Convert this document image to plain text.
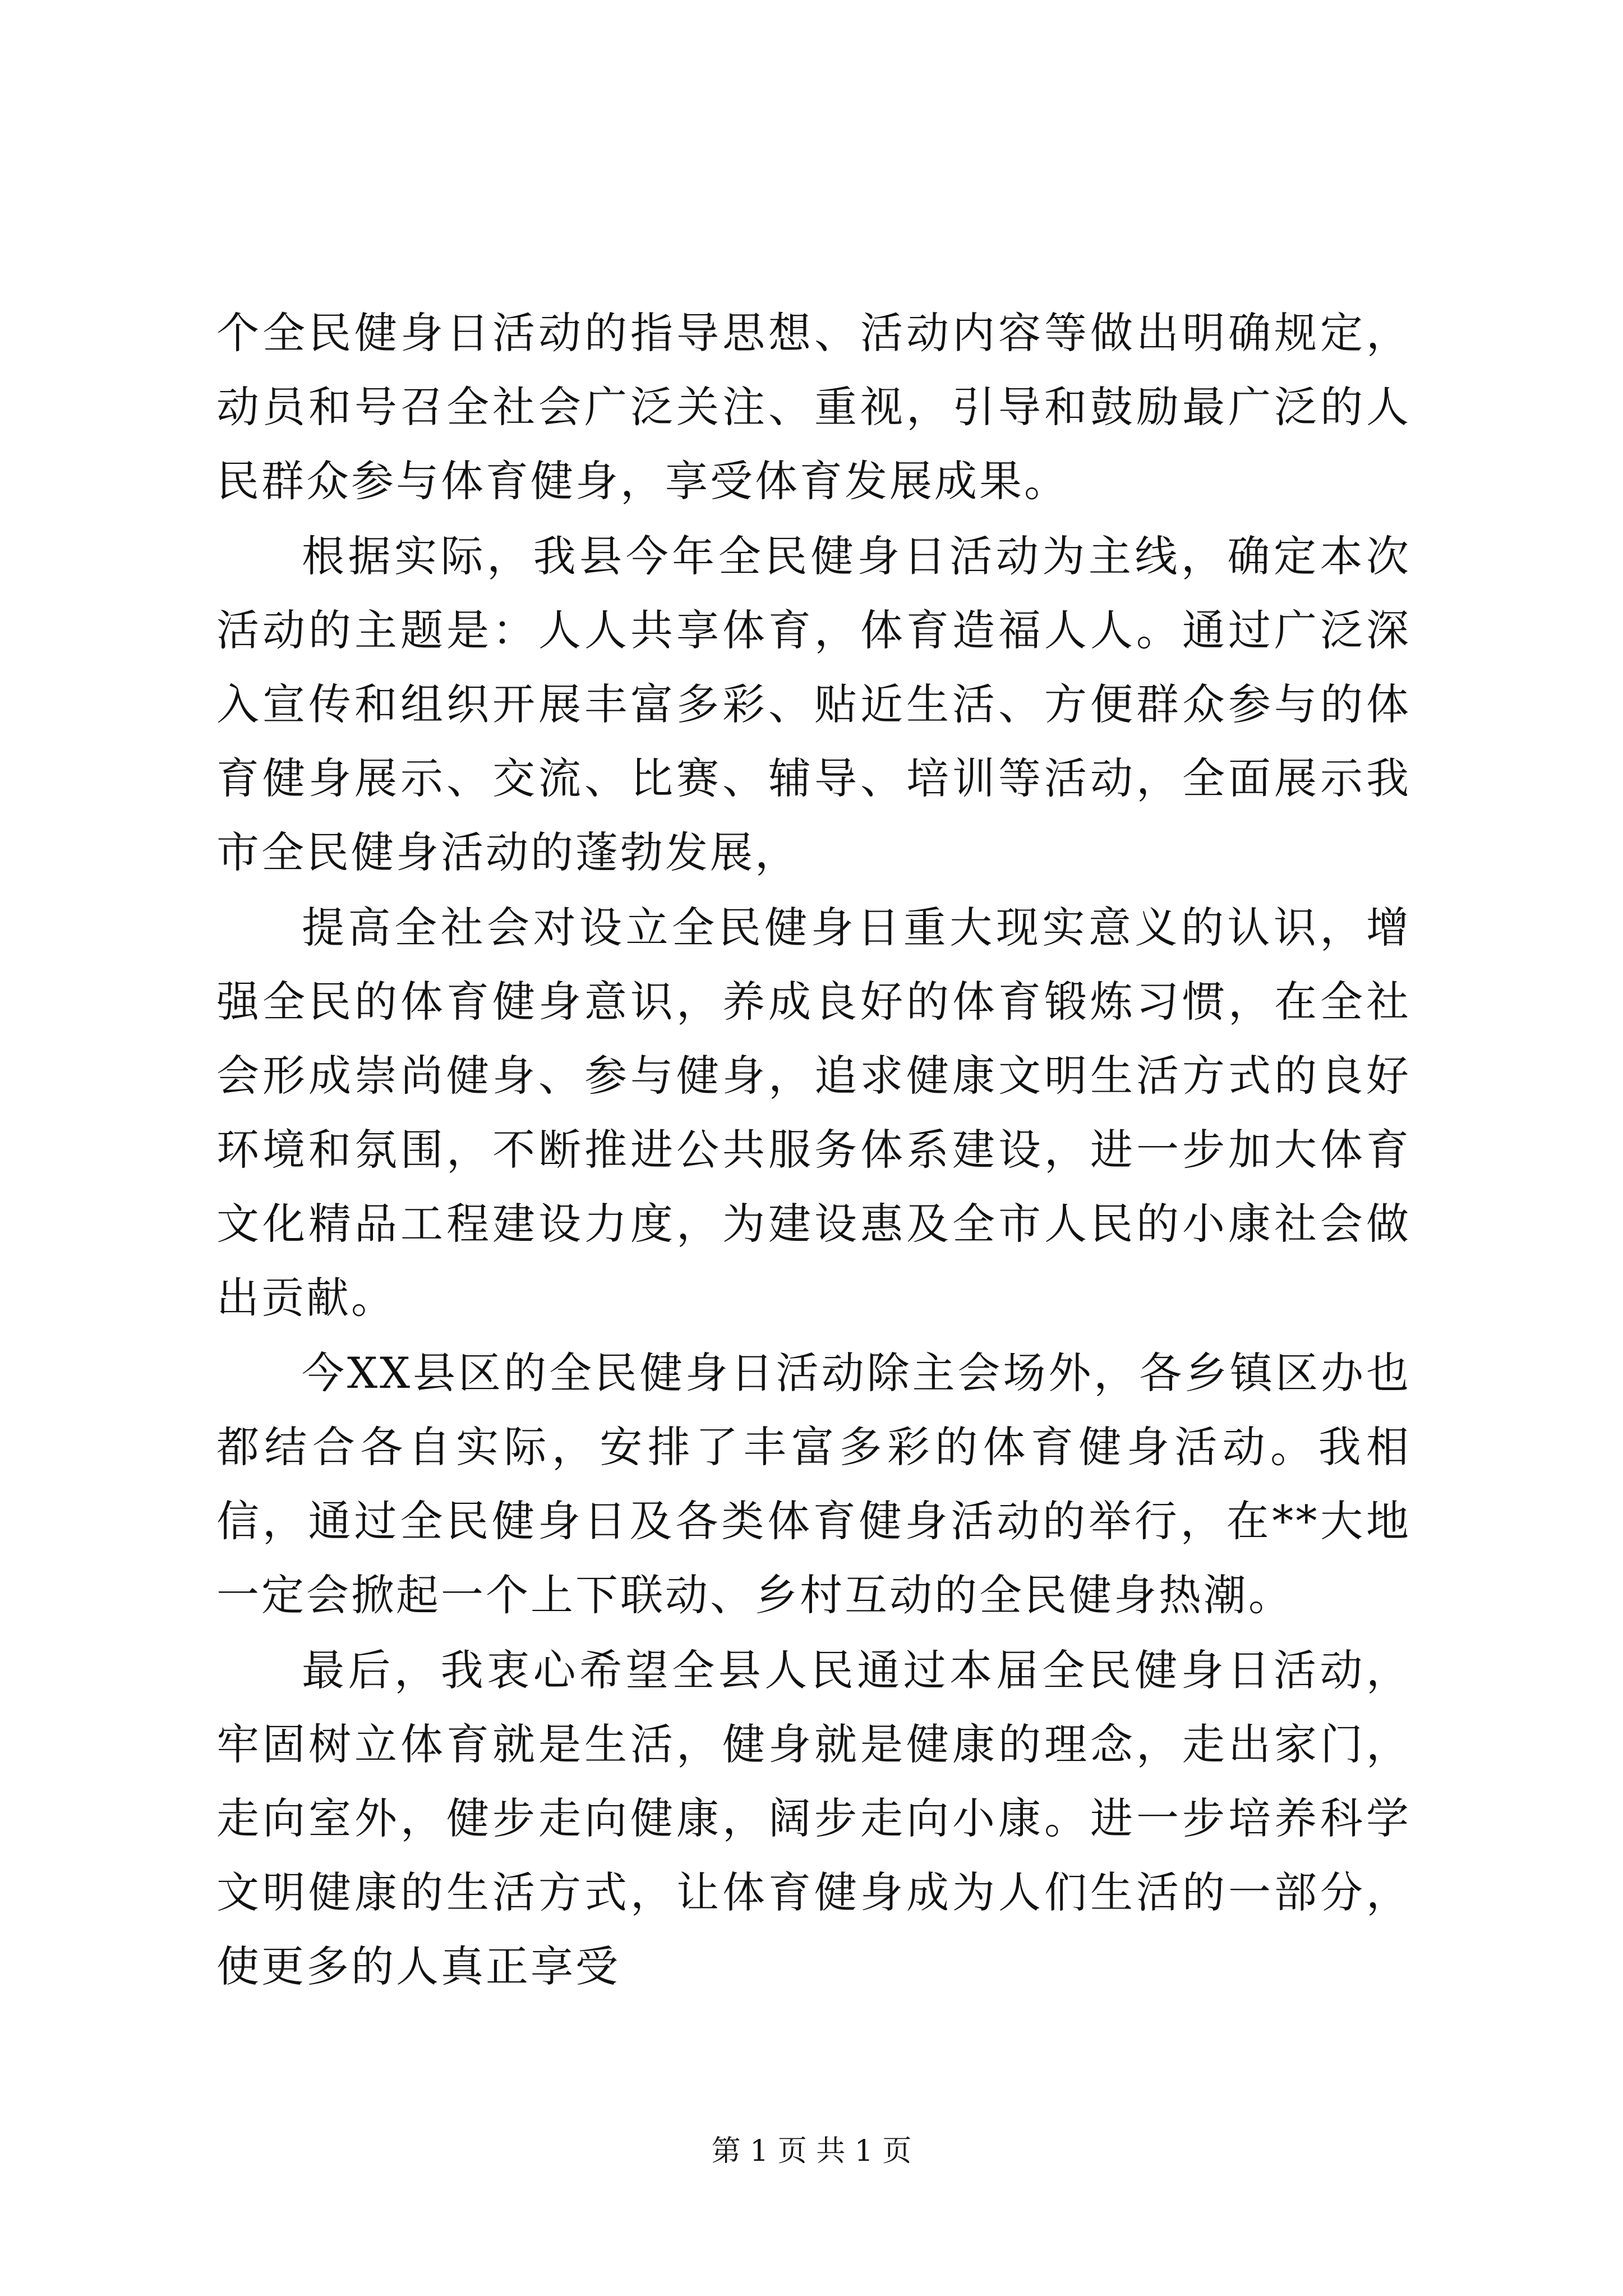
个全民健身日活动的指导思想、活动内容等做出明确规定，动员和号召全社会广泛关注、重视，引导和鼓励最广泛的人民群众参与体育健身，享受体育发展成果。

根据实际，我县今年全民健身日活动为主线，确定本次活动的主题是：人人共享体育，体育造福人人。通过广泛深入宣传和组织开展丰富多彩、贴近生活、方便群众参与的体育健身展示、交流、比赛、辅导、培训等活动，全面展示我市全民健身活动的蓬勃发展，

提高全社会对设立全民健身日重大现实意义的认识，增强全民的体育健身意识，养成良好的体育锻炼习惯，在全社会形成崇尚健身、参与健身，追求健康文明生活方式的良好环境和氛围，不断推进公共服务体系建设，进一步加大体育文化精品工程建设力度，为建设惠及全市人民的小康社会做出贡献。

今XX县区的全民健身日活动除主会场外，各乡镇区办也都结合各自实际，安排了丰富多彩的体育健身活动。我相信，通过全民健身日及各类体育健身活动的举行，在**大地一定会掀起一个上下联动、乡村互动的全民健身热潮。

最后，我衷心希望全县人民通过本届全民健身日活动，牢固树立体育就是生活，健身就是健康的理念，走出家门，走向室外，健步走向健康，阔步走向小康。进一步培养科学文明健康的生活方式，让体育健身成为人们生活的一部分，使更多的人真正享受

第 1 页 共 1 页
